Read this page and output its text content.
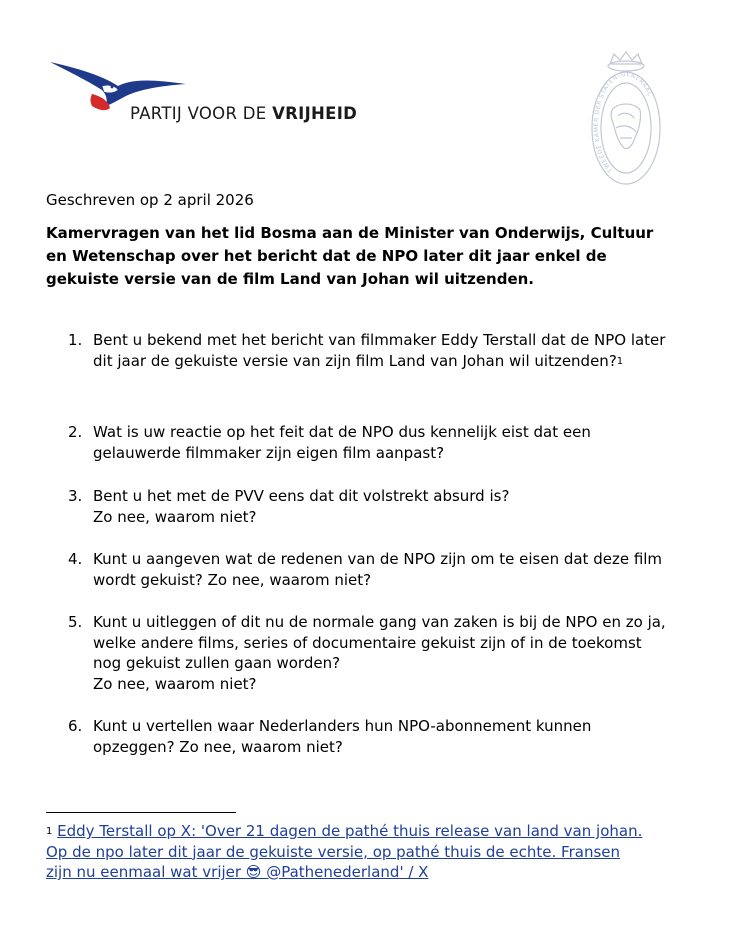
PARTIJ VOOR DE VRIJHEID
TWEEDE KAMER DER STATEN-GENERAAL
Geschreven op 2 april 2026
Kamervragen van het lid Bosma aan de Minister van Onderwijs, Cultuur en Wetenschap over het bericht dat de NPO later dit jaar enkel de gekuiste versie van de film Land van Johan wil uitzenden.
1. Bent u bekend met het bericht van filmmaker Eddy Terstall dat de NPO later dit jaar de gekuiste versie van zijn film Land van Johan wil uitzenden?$^1$
2. Wat is uw reactie op het feit dat de NPO dus kennelijk eist dat een gelauwerde filmmaker zijn eigen film aanpast?
3. Bent u het met de PVV eens dat dit volstrekt absurd is?
Zo nee, waarom niet?
4. Kunt u aangeven wat de redenen van de NPO zijn om te eisen dat deze film wordt gekuist? Zo nee, waarom niet?
5. Kunt u uitleggen of dit nu de normale gang van zaken is bij de NPO en zo ja, welke andere films, series of documentaire gekuist zijn of in de toekomst nog gekuist zullen gaan worden?
Zo nee, waarom niet?
6. Kunt u vertellen waar Nederlanders hun NPO-abonnement kunnen opzeggen? Zo nee, waarom niet?
$^1$ Eddy Terstall op X: 'Over 21 dagen de pathé thuis release van land van johan. Op de npo later dit jaar de gekuiste versie, op pathé thuis de echte. Fransen zijn nu eenmaal wat vrijer 😎 @Pathenederland' / X
